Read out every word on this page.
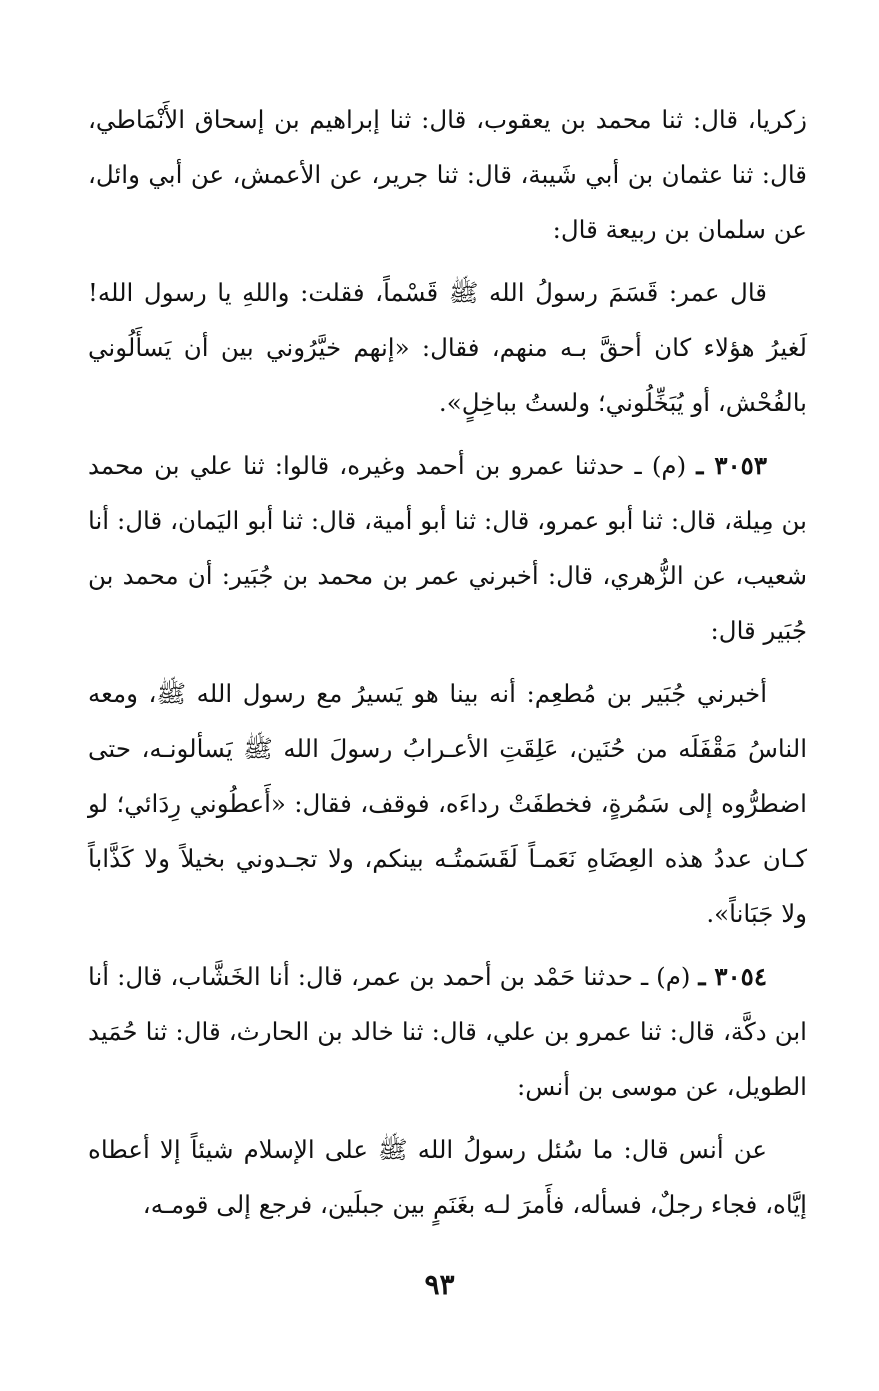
زكريا، قال: ثنا محمد بن يعقوب، قال: ثنا إبراهيم بن إسحاق الأَنْمَاطي، قال: ثنا عثمان بن أبي شَيبة، قال: ثنا جرير، عن الأعمش، عن أبي وائل، عن سلمان بن ربيعة قال:

قال عمر: قَسَمَ رسولُ الله ﷺ قَسْماً، فقلت: واللهِ يا رسول الله! لَغيرُ هؤلاء كان أحقَّ بـه منهم، فقال: «إنهم خيَّرُوني بين أن يَسأَلُوني بالفُحْش، أو يُبَخِّلُوني؛ ولستُ بباخِلٍ».

٣٠٥٣ ـ (م) ـ حدثنا عمرو بن أحمد وغيره، قالوا: ثنا علي بن محمد بن مِيلة، قال: ثنا أبو عمرو، قال: ثنا أبو أمية، قال: ثنا أبو اليَمان، قال: أنا شعيب، عن الزُّهري، قال: أخبرني عمر بن محمد بن جُبَير: أن محمد بن جُبَير قال:

أخبرني جُبَير بن مُطعِم: أنه بينا هو يَسيرُ مع رسول الله ﷺ، ومعه الناسُ مَقْفَلَه من حُنَين، عَلِقَتِ الأعـرابُ رسولَ الله ﷺ يَسألونـه، حتى اضطرُّوه إلى سَمُرةٍ، فخطفَتْ رداءَه، فوقف، فقال: «أَعطُوني رِدَائي؛ لو كـان عددُ هذه العِضَاهِ نَعَمـاً لَقَسَمتُـه بينكم، ولا تجـدوني بخيلاً ولا كَذَّاباً ولا جَبَاناً».

٣٠٥٤ ـ (م) ـ حدثنا حَمْد بن أحمد بن عمر، قال: أنا الخَشَّاب، قال: أنا ابن دكَّة، قال: ثنا عمرو بن علي، قال: ثنا خالد بن الحارث، قال: ثنا حُمَيد الطويل، عن موسى بن أنس:

عن أنس قال: ما سُئل رسولُ الله ﷺ على الإسلام شيئاً إلا أعطاه إيَّاه، فجاء رجلٌ، فسأله، فأَمرَ لـه بغَنَمٍ بين جبلَين، فرجع إلى قومـه،

٩٣
